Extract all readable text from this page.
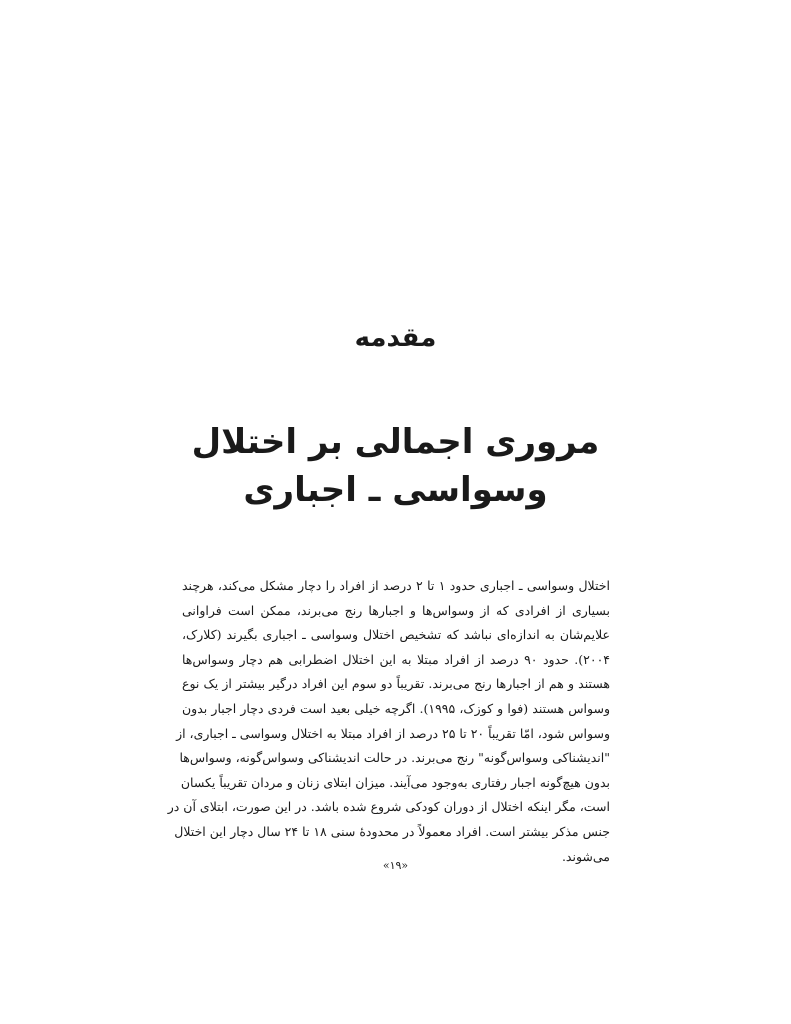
مقدمه
مروری اجمالی بر اختلال
وسواسی ـ اجباری
اختلال وسواسی ـ اجباری حدود ۱ تا ۲ درصد از افراد را دچار مشکل می‌کند، هرچند
بسیاری از افرادی که از وسواس‌ها و اجبارها رنج می‌برند، ممکن است فراوانی
علایم‌شان به اندازه‌ای نباشد که تشخیص اختلال وسواسی ـ اجباری بگیرند (کلارک،
۲۰۰۴). حدود ۹۰ درصد از افراد مبتلا به این اختلال اضطرابی هم دچار وسواس‌ها
هستند و هم از اجبارها رنج می‌برند. تقریباً دو سوم این افراد درگیر بیشتر از یک نوع
وسواس هستند (فوا و کوزک، ۱۹۹۵). اگرچه خیلی بعید است فردی دچار اجبار بدون
وسواس شود، امّا تقریباً ۲۰ تا ۲۵ درصد از افراد مبتلا به اختلال وسواسی ـ اجباری، از
"اندیشناکی وسواس‌گونه" رنج می‌برند. در حالت اندیشناکی وسواس‌گونه، وسواس‌ها
بدون هیچ‌گونه اجبار رفتاری به‌وجود می‌آیند. میزان ابتلای زنان و مردان تقریباً یکسان
است، مگر اینکه اختلال از دوران کودکی شروع شده باشد. در این صورت، ابتلای آن در
جنس مذکر بیشتر است. افراد معمولاً در محدودهٔ سنی ۱۸ تا ۲۴ سال دچار این اختلال
می‌شوند.
«۱۹»
